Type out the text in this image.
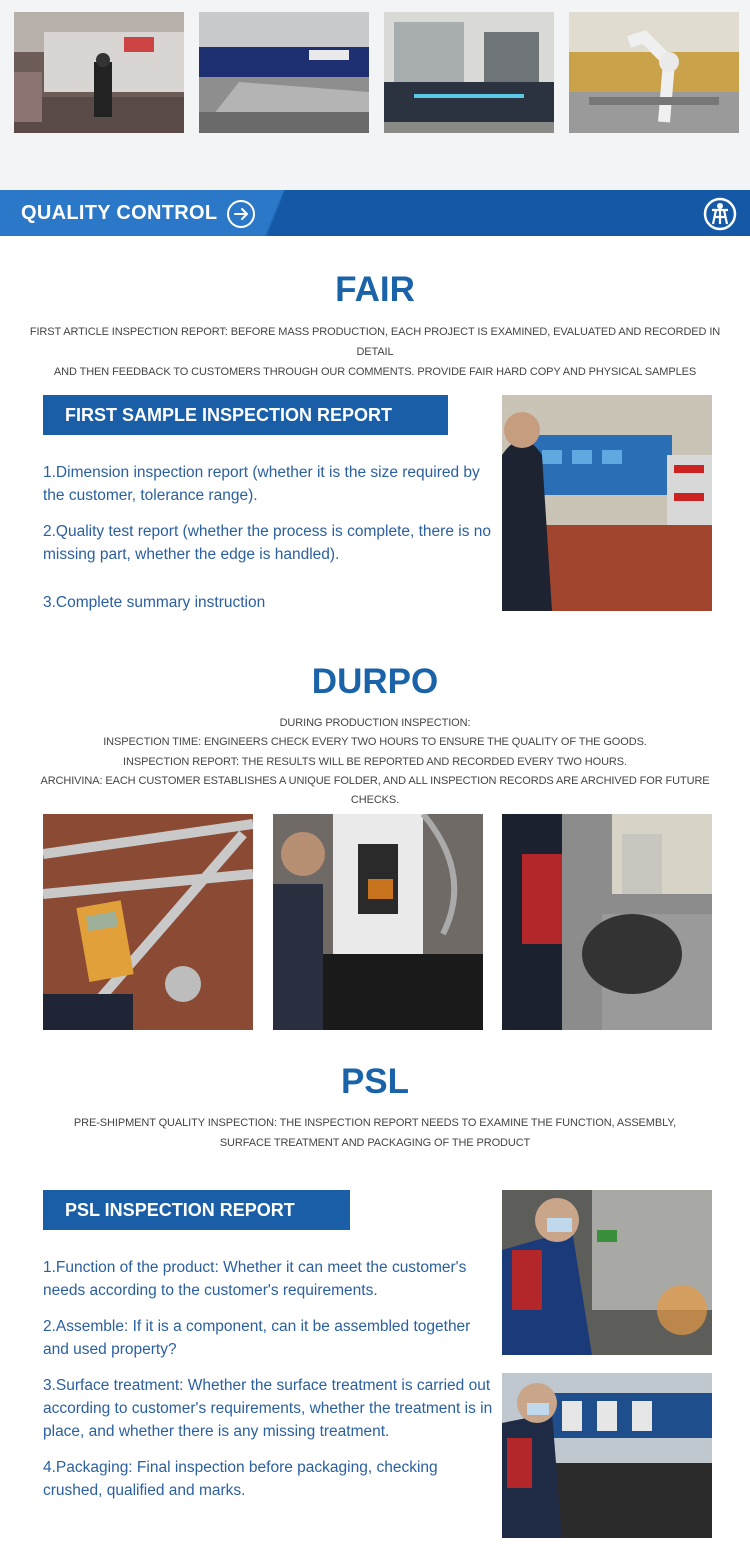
QUALITY CONTROL
FAIR
FIRST ARTICLE INSPECTION REPORT: BEFORE MASS PRODUCTION, EACH PROJECT IS EXAMINED, EVALUATED AND RECORDED IN DETAIL
AND THEN FEEDBACK TO CUSTOMERS THROUGH OUR COMMENTS. PROVIDE FAIR HARD COPY AND PHYSICAL SAMPLES
FIRST SAMPLE INSPECTION REPORT
1.Dimension inspection report (whether it is the size required by the customer, tolerance range).
2.Quality test report (whether the process is complete, there is no missing part, whether the edge is handled).
3.Complete summary instruction
DURPO
DURING PRODUCTION INSPECTION:
INSPECTION TIME: ENGINEERS CHECK EVERY TWO HOURS TO ENSURE THE QUALITY OF THE GOODS.
INSPECTION REPORT: THE RESULTS WILL BE REPORTED AND RECORDED EVERY TWO HOURS.
ARCHIVINA: EACH CUSTOMER ESTABLISHES A UNIQUE FOLDER, AND ALL INSPECTION RECORDS ARE ARCHIVED FOR FUTURE CHECKS.
PSL
PRE-SHIPMENT QUALITY INSPECTION: THE INSPECTION REPORT NEEDS TO EXAMINE THE FUNCTION, ASSEMBLY,
SURFACE TREATMENT AND PACKAGING OF THE PRODUCT
PSL INSPECTION REPORT
1.Function of the product: Whether it can meet the customer's needs according to the customer's requirements.
2.Assemble: If it is a component, can it be assembled together and used property?
3.Surface treatment: Whether the surface treatment is carried out according to customer's requirements, whether the treatment is in place, and whether there is any missing treatment.
4.Packaging: Final inspection before packaging, checking crushed, qualified and marks.
